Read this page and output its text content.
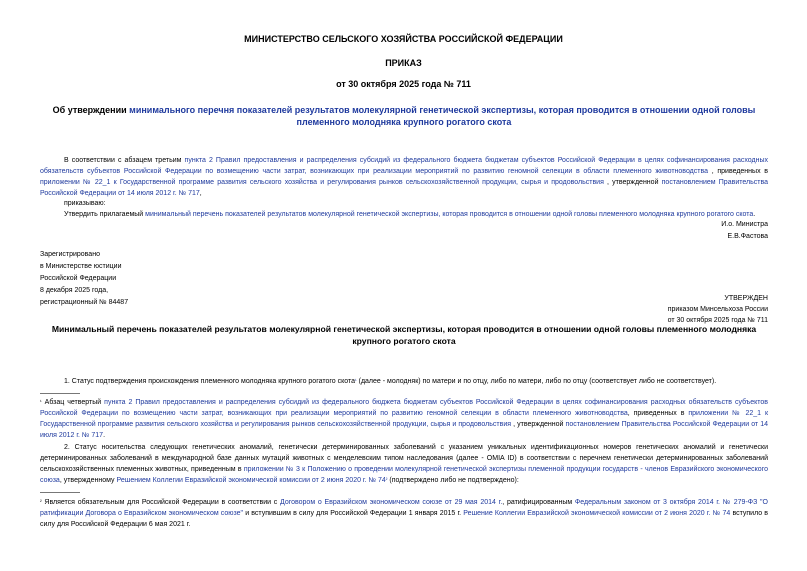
МИНИСТЕРСТВО СЕЛЬСКОГО ХОЗЯЙСТВА РОССИЙСКОЙ ФЕДЕРАЦИИ
ПРИКАЗ
от 30 октября 2025 года № 711
Об утверждении минимального перечня показателей результатов молекулярной генетической экспертизы, которая проводится в отношении одной головы племенного молодняка крупного рогатого скота
В соответствии с абзацем третьим пункта 2 Правил предоставления и распределения субсидий из федерального бюджета бюджетам субъектов Российской Федерации в целях софинансирования расходных обязательств субъектов Российской Федерации по возмещению части затрат, возникающих при реализации мероприятий по развитию геномной селекции в области племенного животноводства , приведенных в приложении № 22_1 к Государственной программе развития сельского хозяйства и регулирования рынков сельскохозяйственной продукции, сырья и продовольствия , утвержденной постановлением Правительства Российской Федерации от 14 июля 2012 г. № 717,
приказываю:
Утвердить прилагаемый минимальный перечень показателей результатов молекулярной генетической экспертизы, которая проводится в отношении одной головы племенного молодняка крупного рогатого скота.
И.о. Министра
Е.В.Фастова
Зарегистрировано
в Министерстве юстиции
Российской Федерации
8 декабря 2025 года,
регистрационный № 84487
УТВЕРЖДЕН
приказом Минсельхоза России
от 30 октября 2025 года № 711
Минимальный перечень показателей результатов молекулярной генетической экспертизы, которая проводится в отношении одной головы племенного молодняка крупного рогатого скота
1. Статус подтверждения происхождения племенного молодняка крупного рогатого скота$^{^1}$ (далее - молодняк) по матери и по отцу, либо по матери, либо по отцу (соответствует либо не соответствует).
$^{^1}$ Абзац четвертый пункта 2 Правил предоставления и распределения субсидий из федерального бюджета бюджетам субъектов Российской Федерации в целях софинансирования расходных обязательств субъектов Российской Федерации по возмещению части затрат, возникающих при реализации мероприятий по развитию геномной селекции в области племенного животноводства, приведенных в приложении № 22_1 к Государственной программе развития сельского хозяйства и регулирования рынков сельскохозяйственной продукции, сырья и продовольствия , утвержденной постановлением Правительства Российской Федерации от 14 июля 2012 г. № 717.
2. Статус носительства следующих генетических аномалий, генетически детерминированных заболеваний с указанием уникальных идентификационных номеров генетических аномалий и генетически детерминированных заболеваний в международной базе данных мутаций животных с менделевским типом наследования (далее - OMIA ID) в соответствии с перечнем генетически детерминированных заболеваний сельскохозяйственных племенных животных, приведенным в приложении № 3 к Положению о проведении молекулярной генетической экспертизы племенной продукции государств - членов Евразийского экономического союза, утвержденному Решением Коллегии Евразийской экономической комиссии от 2 июня 2020 г. № $74^{^2}$ (подтверждено либо не подтверждено):
$^{^2}$ Является обязательным для Российской Федерации в соответствии с Договором о Евразийском экономическом союзе от 29 мая 2014 г., ратифицированным Федеральным законом от 3 октября 2014 г. № 279-ФЗ "О ратификации Договора о Евразийском экономическом союзе" и вступившим в силу для Российской Федерации 1 января 2015 г. Решение Коллегии Евразийской экономической комиссии от 2 июня 2020 г. № 74 вступило в силу для Российской Федерации 6 мая 2021 г.
